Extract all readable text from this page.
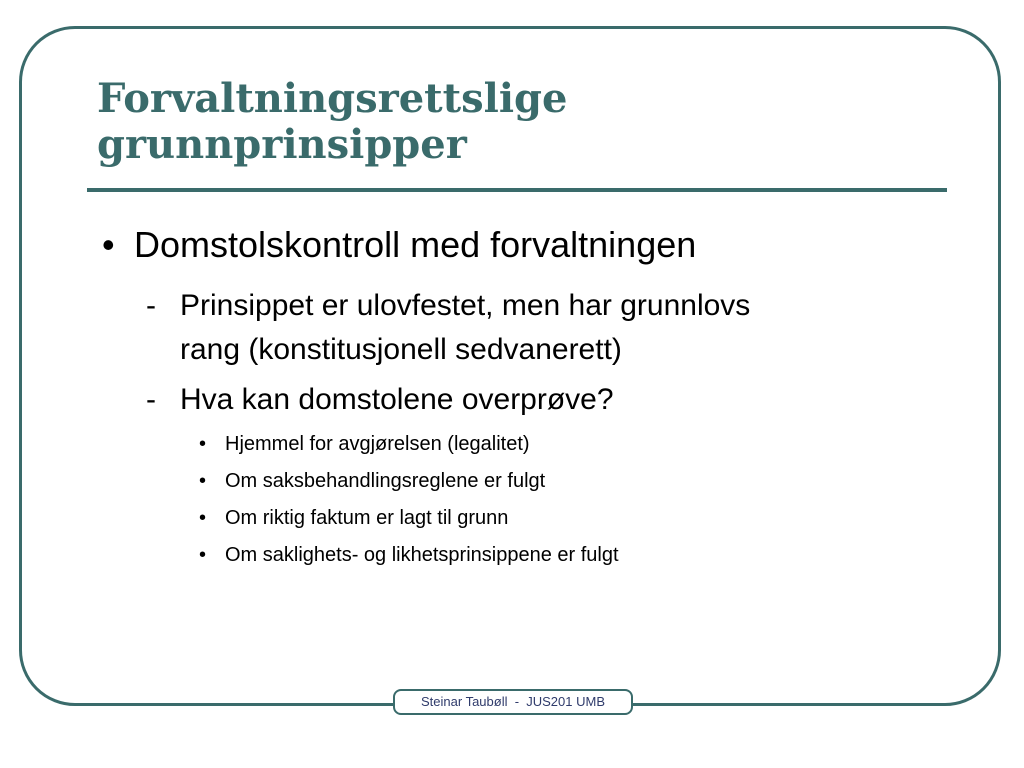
Forvaltningsrettslige
grunnprinsipper
• Domstolskontroll med forvaltningen
- Prinsippet er ulovfestet, men har grunnlovs
rang (konstitusjonell sedvanerett)
- Hva kan domstolene overprøve?
• Hjemmel for avgjørelsen (legalitet)
• Om saksbehandlingsreglene er fulgt
• Om riktig faktum er lagt til grunn
• Om saklighets- og likhetsprinsippene er fulgt
Steinar Taubøll  -  JUS201 UMB
